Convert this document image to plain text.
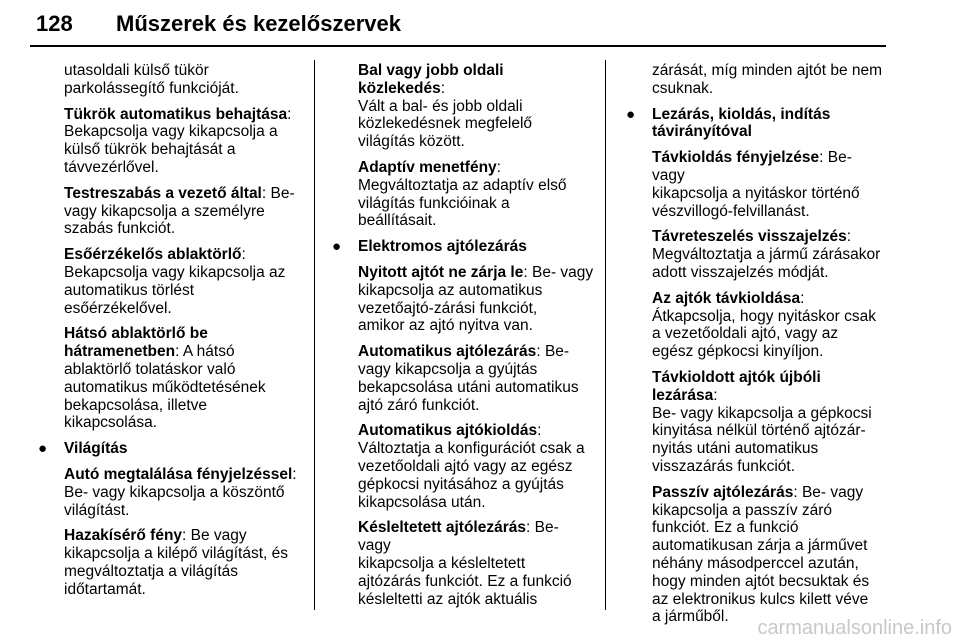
128 Műszerek és kezelőszervek
utasoldali külső tükör
parkolássegítő funkcióját.
Tükrök automatikus behajtása:
Bekapcsolja vagy kikapcsolja a
külső tükrök behajtását a
távvezérlővel.
Testreszabás a vezető által: Be-
vagy kikapcsolja a személyre
szabás funkciót.
Esőérzékelős ablaktörlő:
Bekapcsolja vagy kikapcsolja az
automatikus törlést
esőérzékelővel.
Hátsó ablaktörlő be
hátramenetben: A hátsó
ablaktörlő tolatáskor való
automatikus működtetésének
bekapcsolása, illetve
kikapcsolása.
● Világítás
Autó megtalálása fényjelzéssel:
Be- vagy kikapcsolja a köszöntő
világítást.
Hazakísérő fény: Be vagy
kikapcsolja a kilépő világítást, és
megváltoztatja a világítás
időtartamát.
Bal vagy jobb oldali közlekedés:
Vált a bal- és jobb oldali
közlekedésnek megfelelő
világítás között.
Adaptív menetfény:
Megváltoztatja az adaptív első
világítás funkcióinak a
beállításait.
● Elektromos ajtólezárás
Nyitott ajtót ne zárja le: Be- vagy
kikapcsolja az automatikus
vezetőajtó-zárási funkciót,
amikor az ajtó nyitva van.
Automatikus ajtólezárás: Be-
vagy kikapcsolja a gyújtás
bekapcsolása utáni automatikus
ajtó záró funkciót.
Automatikus ajtókioldás:
Változtatja a konfigurációt csak a
vezetőoldali ajtó vagy az egész
gépkocsi nyitásához a gyújtás
kikapcsolása után.
Késleltetett ajtólezárás: Be- vagy
kikapcsolja a késleltetett
ajtózárás funkciót. Ez a funkció
késleltetti az ajtók aktuális
zárását, míg minden ajtót be nem
csuknak.
● Lezárás, kioldás, indítás
távirányítóval
Távkioldás fényjelzése: Be- vagy
kikapcsolja a nyitáskor történő
vészvillogó-felvillanást.
Távreteszelés visszajelzés:
Megváltoztatja a jármű zárásakor
adott visszajelzés módját.
Az ajtók távkioldása:
Átkapcsolja, hogy nyitáskor csak
a vezetőoldali ajtó, vagy az
egész gépkocsi kinyíljon.
Távkioldott ajtók újbóli lezárása:
Be- vagy kikapcsolja a gépkocsi
kinyitása nélkül történő ajtózár-
nyitás utáni automatikus
visszazárás funkciót.
Passzív ajtólezárás: Be- vagy
kikapcsolja a passzív záró
funkciót. Ez a funkció
automatikusan zárja a járművet
néhány másodperccel azután,
hogy minden ajtót becsuktak és
az elektronikus kulcs kilett véve
a járműből.
carmanualsonline.info
